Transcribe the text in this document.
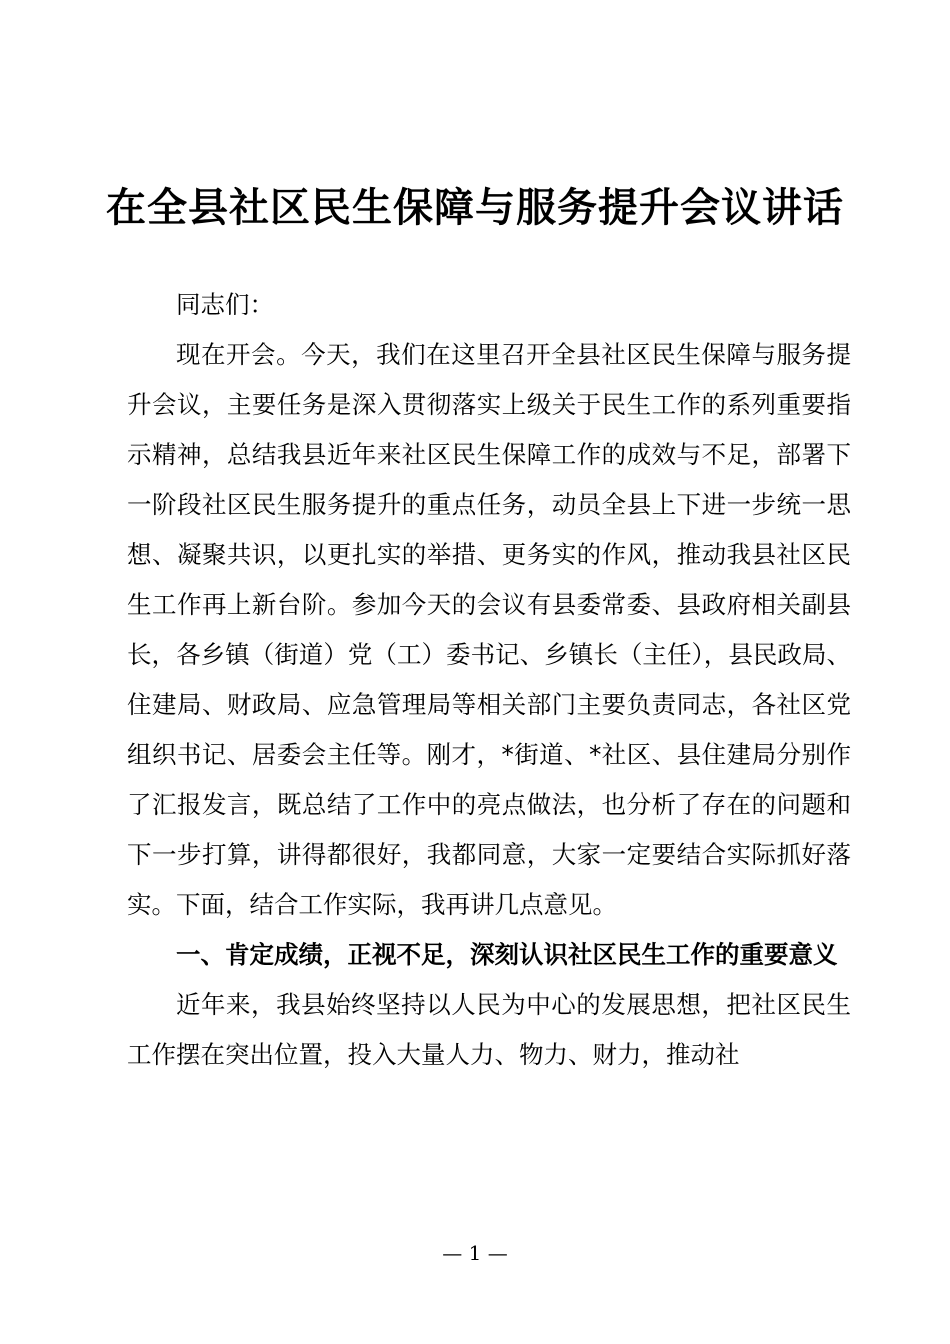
在全县社区民生保障与服务提升会议讲话

同志们：

现在开会。今天，我们在这里召开全县社区民生保障与服务提升会议，主要任务是深入贯彻落实上级关于民生工作的系列重要指示精神，总结我县近年来社区民生保障工作的成效与不足，部署下一阶段社区民生服务提升的重点任务，动员全县上下进一步统一思想、凝聚共识，以更扎实的举措、更务实的作风，推动我县社区民生工作再上新台阶。参加今天的会议有县委常委、县政府相关副县长，各乡镇（街道）党（工）委书记、乡镇长（主任），县民政局、住建局、财政局、应急管理局等相关部门主要负责同志，各社区党组织书记、居委会主任等。刚才，*街道、*社区、县住建局分别作了汇报发言，既总结了工作中的亮点做法，也分析了存在的问题和下一步打算，讲得都很好，我都同意，大家一定要结合实际抓好落实。下面，结合工作实际，我再讲几点意见。

一、肯定成绩，正视不足，深刻认识社区民生工作的重要意义

近年来，我县始终坚持以人民为中心的发展思想，把社区民生工作摆在突出位置，投入大量人力、物力、财力，推动社

— 1 —
